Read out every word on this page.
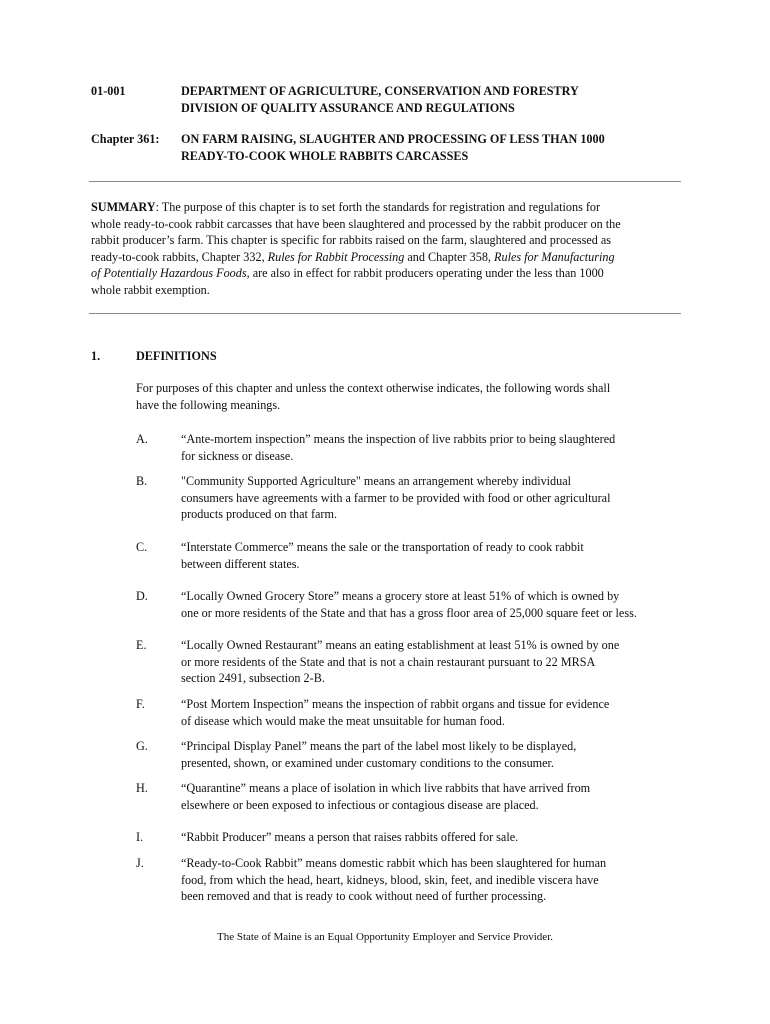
01-001	DEPARTMENT OF AGRICULTURE, CONSERVATION AND FORESTRY
DIVISION OF QUALITY ASSURANCE AND REGULATIONS
Chapter 361:	ON FARM RAISING, SLAUGHTER AND PROCESSING OF LESS THAN 1000
READY-TO-COOK WHOLE RABBITS CARCASSES

SUMMARY: The purpose of this chapter is to set forth the standards for registration and regulations for

whole ready-to-cook rabbit carcasses that have been slaughtered and processed by the rabbit producer on the

rabbit producer’s farm. This chapter is specific for rabbits raised on the farm, slaughtered and processed as

ready-to-cook rabbits, Chapter 332, Rules for Rabbit Processing and Chapter 358, Rules for Manufacturing

of Potentially Hazardous Foods, are also in effect for rabbit producers operating under the less than 1000

whole rabbit exemption.

1.	DEFINITIONS
For purposes of this chapter and unless the context otherwise indicates, the following words shall
have the following meanings.
A.	“Ante-mortem inspection” means the inspection of live rabbits prior to being slaughtered
for sickness or disease.
B.	"Community Supported Agriculture" means an arrangement whereby individual
consumers have agreements with a farmer to be provided with food or other agricultural
products produced on that farm.
C.	“Interstate Commerce” means the sale or the transportation of ready to cook rabbit
between different states.
D.	“Locally Owned Grocery Store” means a grocery store at least 51% of which is owned by
one or more residents of the State and that has a gross floor area of 25,000 square feet or less.
E.	“Locally Owned Restaurant” means an eating establishment at least 51% is owned by one
or more residents of the State and that is not a chain restaurant pursuant to 22 MRSA
section 2491, subsection 2-B.
F.	“Post Mortem Inspection” means the inspection of rabbit organs and tissue for evidence
of disease which would make the meat unsuitable for human food.
G.	“Principal Display Panel” means the part of the label most likely to be displayed,
presented, shown, or examined under customary conditions to the consumer.
H.	“Quarantine” means a place of isolation in which live rabbits that have arrived from
elsewhere or been exposed to infectious or contagious disease are placed.
I.	“Rabbit Producer” means a person that raises rabbits offered for sale.
J.	“Ready-to-Cook Rabbit” means domestic rabbit which has been slaughtered for human
food, from which the head, heart, kidneys, blood, skin, feet, and inedible viscera have
been removed and that is ready to cook without need of further processing.
The State of Maine is an Equal Opportunity Employer and Service Provider.
